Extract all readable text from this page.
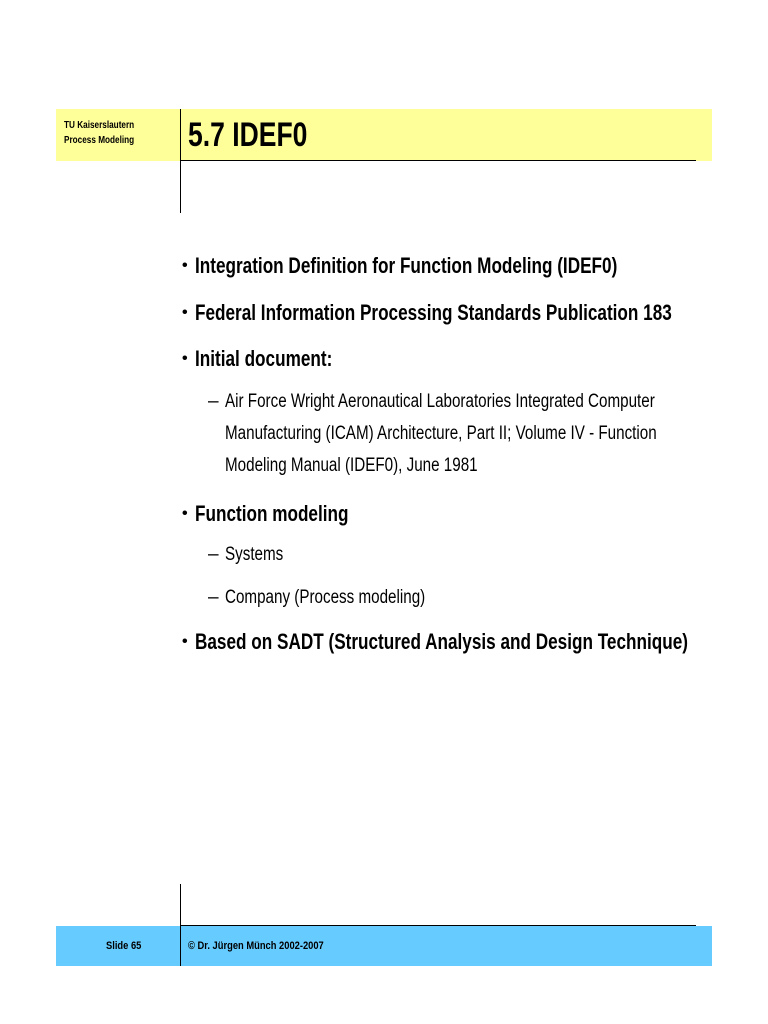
TU Kaiserslautern
Process Modeling 5.7 IDEF0
• Integration Definition for Function Modeling (IDEF0)
• Federal Information Processing Standards Publication 183
• Initial document:
– Air Force Wright Aeronautical Laboratories Integrated Computer
Manufacturing (ICAM) Architecture, Part II; Volume IV - Function
Modeling Manual (IDEF0), June 1981
• Function modeling
– Systems
– Company (Process modeling)
• Based on SADT (Structured Analysis and Design Technique)
Slide 65	© Dr. Jürgen Münch 2002-2007
